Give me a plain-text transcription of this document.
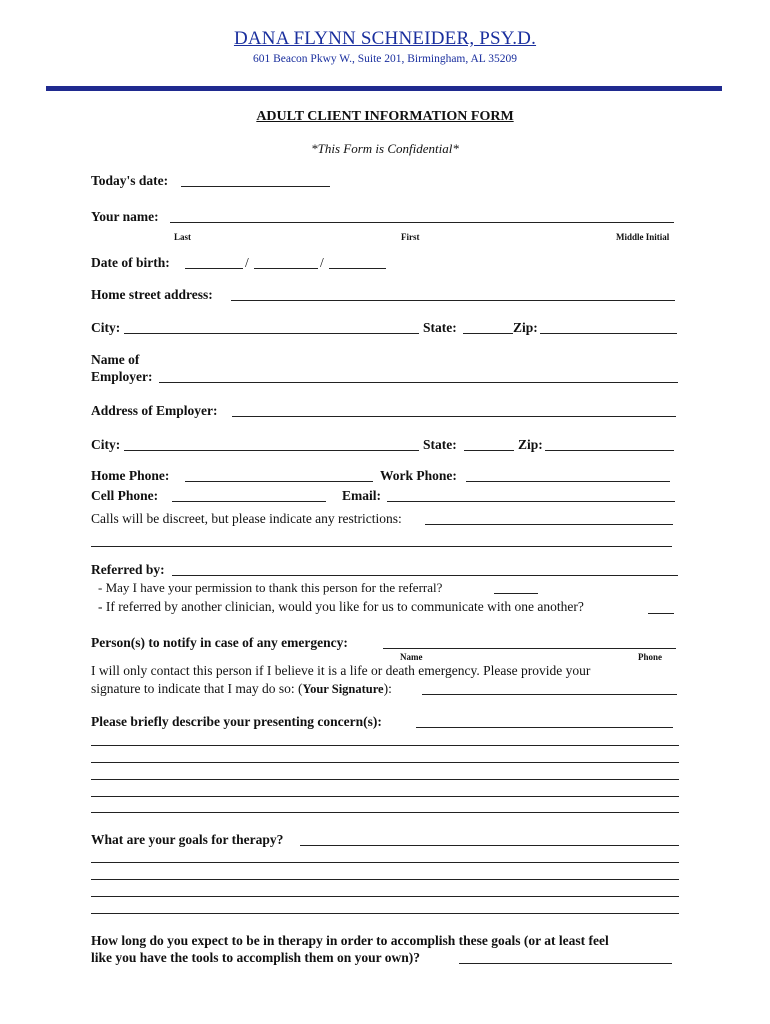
DANA FLYNN SCHNEIDER, PSY.D.
601 Beacon Pkwy W., Suite 201, Birmingham, AL 35209
ADULT CLIENT INFORMATION FORM
*This Form is Confidential*
Today's date:
Your name:
Last	First	Middle Initial
Date of birth:	/	/
Home street address:
City:	State:	Zip:
Name of
Employer:
Address of Employer:
City:	State:	Zip:
Home Phone:	Work Phone:
Cell Phone:	Email:
Calls will be discreet, but please indicate any restrictions:
Referred by:
- May I have your permission to thank this person for the referral?
- If referred by another clinician, would you like for us to communicate with one another?
Person(s) to notify in case of any emergency:
Name	Phone
I will only contact this person if I believe it is a life or death emergency. Please provide your
signature to indicate that I may do so: (Your Signature):
Please briefly describe your presenting concern(s):
What are your goals for therapy?
How long do you expect to be in therapy in order to accomplish these goals (or at least feel
like you have the tools to accomplish them on your own)?
